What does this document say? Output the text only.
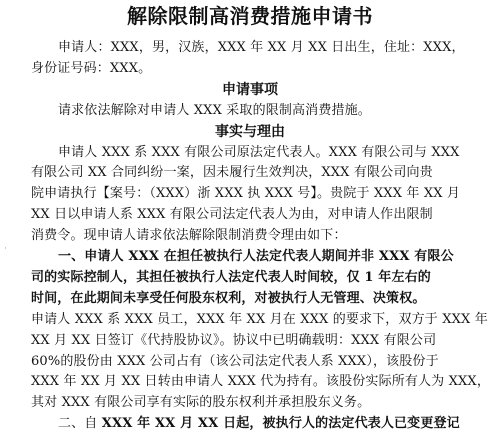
解除限制高消费措施申请书
申请人：XXX，男，汉族，XXX 年 XX 月 XX 日出生，住址：XXX，
身份证号码：XXX。
申请事项
请求依法解除对申请人 XXX 采取的限制高消费措施。
事实与理由
申请人 XXX 系 XXX 有限公司原法定代表人。XXX 有限公司与 XXX
有限公司 XX 合同纠纷一案，因未履行生效判决，XXX 有限公司向贵
院申请执行【案号：（XXX）浙 XXX 执 XXX 号】。贵院于 XXX 年 XX 月
XX 日以申请人系 XXX 有限公司法定代表人为由，对申请人作出限制
消费令。现申请人请求依法解除限制消费令理由如下：
·	一、申请人 XXX 在担任被执行人法定代表人期间并非 XXX 有限公
司的实际控制人，其担任被执行人法定代表人时间较，仅 1 年左右的
时间，在此期间未享受任何股东权利，对被执行人无管理、决策权。
申请人 XXX 系 XXX 员工，XXX 年 XX 月在 XXX 的要求下，双方于 XXX 年
XX 月 XX 日签订《代持股协议》。协议中已明确载明：XXX 有限公司
60%的股份由 XXX 公司占有（该公司法定代表人系 XXX），该股份于
XXX 年 XX 月 XX 日转由申请人 XXX 代为持有。该股份实际所有人为 XXX，
其对 XXX 有限公司享有实际的股东权利并承担股东义务。
二、自 XXX 年 XX 月 XX 日起，被执行人的法定代表人已变更登记
